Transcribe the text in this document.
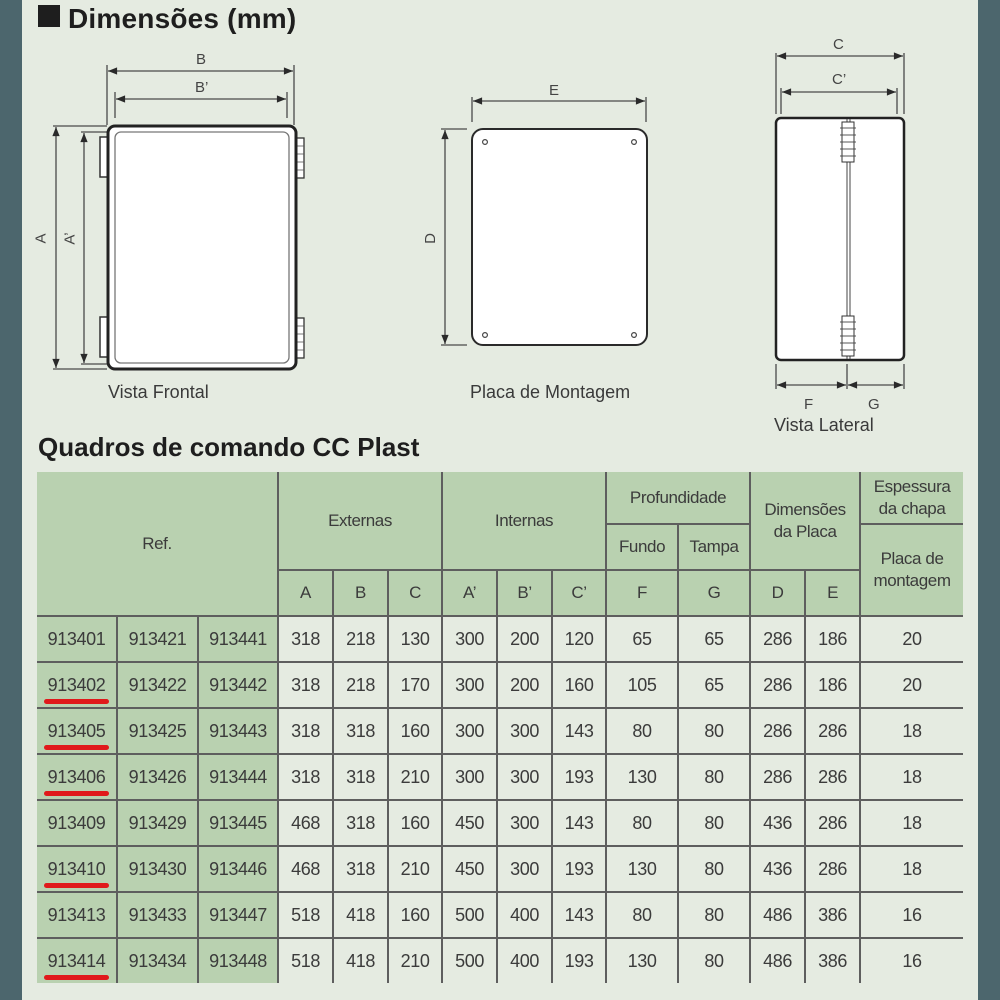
Dimensões (mm)
B
B’
A A’
Vista Frontal
E
D
Placa de Montagem
C
C’
F	G
Vista Lateral
Quadros de comando CC Plast
Ref.			Externas			Internas			Profundidade		Dimensões da Placa		Espessura da chapa
									Fundo	Tampa			Placa de montagem
			A	B	C	A’	B’	C’	F	G	D	E	
913401	913421	913441	318	218	130	300	200	120	65	65	286	186	20
913402	913422	913442	318	218	170	300	200	160	105	65	286	186	20
913405	913425	913443	318	318	160	300	300	143	80	80	286	286	18
913406	913426	913444	318	318	210	300	300	193	130	80	286	286	18
913409	913429	913445	468	318	160	450	300	143	80	80	436	286	18
913410	913430	913446	468	318	210	450	300	193	130	80	436	286	18
913413	913433	913447	518	418	160	500	400	143	80	80	486	386	16
913414	913434	913448	518	418	210	500	400	193	130	80	486	386	16
